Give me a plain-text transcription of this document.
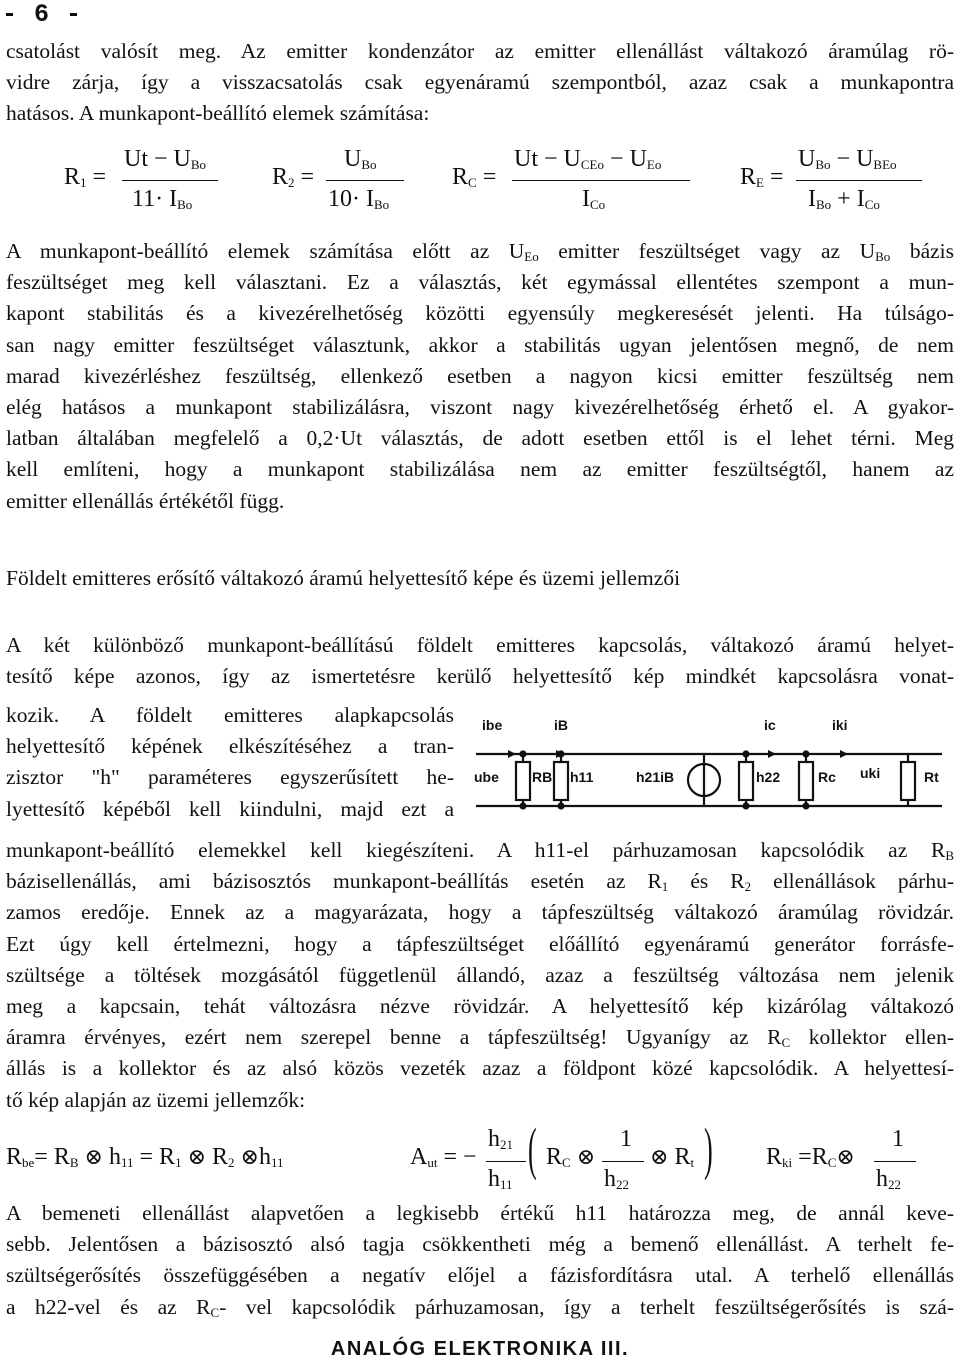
- 6 -
csatolást valósít meg. Az emitter kondenzátor az emitter ellenállást váltakozó áramúlag rö-
vidre zárja, így a visszacsatolás csak egyenáramú szempontból, azaz csak a munkapontra
hatásos. A munkapont-beállító elemek számítása:
$R_1$ =
$Ut - U_{Bo}$
$11\cdot I_{Bo}$
$R_2$ =
$U_{Bo}$
$10\cdot I_{Bo}$
$R_C$ =
$Ut - U_{CEo} - U_{Eo}$
$I_{Co}$
$R_E$ =
$U_{Bo} - U_{BEo}$
$I_{Bo} + I_{Co}$
A munkapont-beállító elemek számítása előtt az $U_{Eo}$ emitter feszültséget vagy az $U_{Bo}$ bázis
feszültséget meg kell választani. Ez a választás, két egymással ellentétes szempont a mun-
kapont stabilitás és a kivezérelhetőség közötti egyensúly megkeresését jelenti. Ha túlságo-
san nagy emitter feszültséget választunk, akkor a stabilitás ugyan jelentősen megnő, de nem
marad kivezérléshez feszültség, ellenkező esetben a nagyon kicsi emitter feszültség nem
elég hatásos a munkapont stabilizálásra, viszont nagy kivezérelhetőség érhető el. A gyakor-
latban általában megfelelő a 0,2·Ut választás, de adott esetben ettől is el lehet térni. Meg
kell említeni, hogy a munkapont stabilizálása nem az emitter feszültségtől, hanem az
emitter ellenállás értékétől függ.
Földelt emitteres erősítő váltakozó áramú helyettesítő képe és üzemi jellemzői
A két különböző munkapont-beállítású földelt emitteres kapcsolás, váltakozó áramú helyet-
tesítő képe azonos, így az ismertetésre kerülő helyettesítő kép mindkét kapcsolásra vonat-
kozik. A földelt emitteres alapkapcsolás
helyettesítő képének elkészítéséhez a tran-
zisztor "h" paraméteres egyszerűsített he-
lyettesítő képéből kell kiindulni, majd ezt a
munkapont-beállító elemekkel kell kiegészíteni. A h11-el párhuzamosan kapcsolódik az $R_B$
bázisellenállás, ami bázisosztós munkapont-beállítás esetén az $R_1$ és $R_2$ ellenállások párhu-
zamos eredője. Ennek az a magyarázata, hogy a tápfeszültség váltakozó áramúlag rövidzár.
Ezt úgy kell értelmezni, hogy a tápfeszültséget előállító egyenáramú generátor forrásfe-
szültsége a töltések mozgásától függetlenül állandó, azaz a feszültség változása nem jelenik
meg a kapcsain, tehát változásra nézve rövidzár. A helyettesítő kép kizárólag váltakozó
áramra érvényes, ezért nem szerepel benne a tápfeszültség! Ugyanígy az $R_C$ kollektor ellen-
állás is a kollektor és az alsó közös vezeték azaz a földpont közé kapcsolódik. A helyettesí-
tő kép alapján az üzemi jellemzők:
ibe	iB	ic	iki
ube RB h11	h21iB	h22	Rc uki	Rt
$R_{be}= R_B$ ⊗ $h_{11} = R_1$ ⊗ $R_2$ $\otimes h_{11}$	$A_{ut}$ = −
$h_{21}$
$h_{11}$
( $R_C$ ⊗
1
$h_{22}$
⊗ $R_t$ ) $R_{ki}$ $=R_C\otimes$
1
$h_{22}$
A bemeneti ellenállást alapvetően a legkisebb értékű h11 határozza meg, de annál keve-
sebb. Jelentősen a bázisosztó alsó tagja csökkentheti még a bemenő ellenállást. A terhelt fe-
szültségerősítés összefüggésében a negatív előjel a fázisfordításra utal. A terhelő ellenállás
a h22-vel és az $R_C-$ vel kapcsolódik párhuzamosan, így a terhelt feszültségerősítés is szá-
ANALÓG ELEKTRONIKA III.
